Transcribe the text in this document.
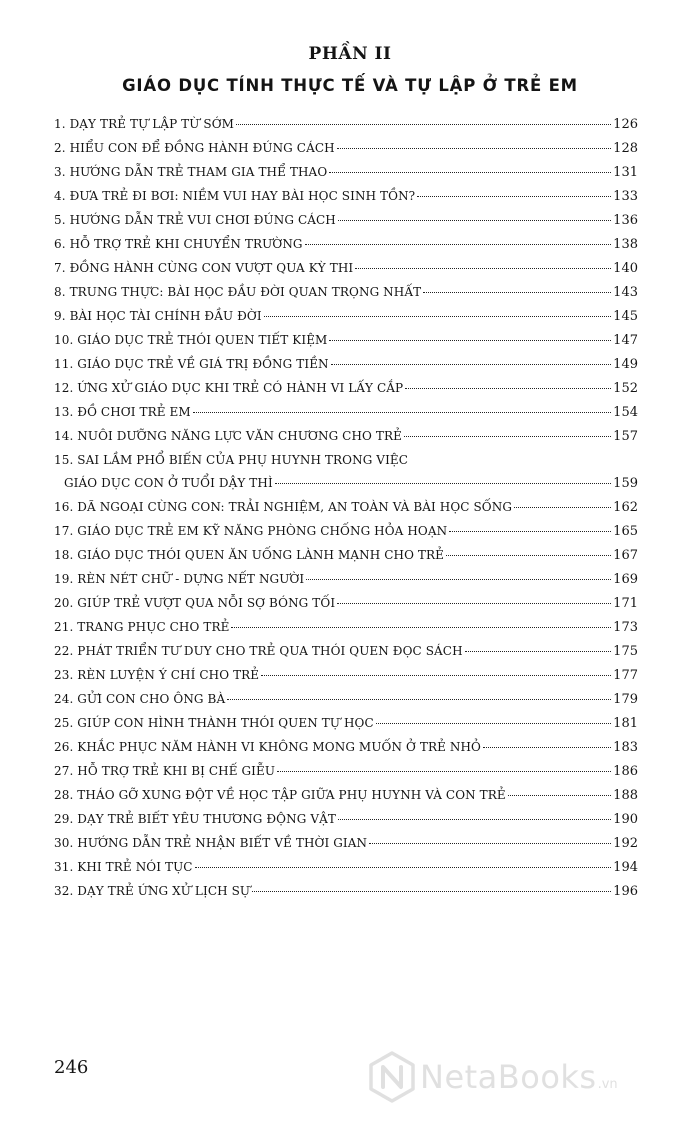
PHẦN II
GIÁO DỤC TÍNH THỰC TẾ VÀ TỰ LẬP Ở TRẺ EM
1. DẠY TRẺ TỰ LẬP TỪ SỚM	126
2. HIỂU CON ĐỂ ĐỒNG HÀNH ĐÚNG CÁCH	128
3. HƯỚNG DẪN TRẺ THAM GIA THỂ THAO	131
4. ĐƯA TRẺ ĐI BƠI: NIỀM VUI HAY BÀI HỌC SINH TỒN?	133
5. HƯỚNG DẪN TRẺ VUI CHƠI ĐÚNG CÁCH	136
6. HỖ TRỢ TRẺ KHI CHUYỂN TRƯỜNG	138
7. ĐỒNG HÀNH CÙNG CON VƯỢT QUA KỲ THI	140
8. TRUNG THỰC: BÀI HỌC ĐẦU ĐỜI QUAN TRỌNG NHẤT	143
9. BÀI HỌC TÀI CHÍNH ĐẦU ĐỜI	145
10. GIÁO DỤC TRẺ THÓI QUEN TIẾT KIỆM	147
11. GIÁO DỤC TRẺ VỀ GIÁ TRỊ ĐỒNG TIỀN	149
12. ỨNG XỬ GIÁO DỤC KHI TRẺ CÓ HÀNH VI LẤY CẮP	152
13. ĐỒ CHƠI TRẺ EM	154
14. NUÔI DƯỠNG NĂNG LỰC VĂN CHƯƠNG CHO TRẺ	157
15. SAI LẦM PHỔ BIẾN CỦA PHỤ HUYNH TRONG VIỆC
GIÁO DỤC CON Ở TUỔI DẬY THÌ	159
16. DÃ NGOẠI CÙNG CON: TRẢI NGHIỆM, AN TOÀN VÀ BÀI HỌC SỐNG	162
17. GIÁO DỤC TRẺ EM KỸ NĂNG PHÒNG CHỐNG HỎA HOẠN	165
18. GIÁO DỤC THÓI QUEN ĂN UỐNG LÀNH MẠNH CHO TRẺ	167
19. RÈN NÉT CHỮ - DỰNG NẾT NGƯỜI	169
20. GIÚP TRẺ VƯỢT QUA NỖI SỢ BÓNG TỐI	171
21. TRANG PHỤC CHO TRẺ	173
22. PHÁT TRIỂN TƯ DUY CHO TRẺ QUA THÓI QUEN ĐỌC SÁCH	175
23. RÈN LUYỆN Ý CHÍ CHO TRẺ	177
24. GỬI CON CHO ÔNG BÀ	179
25. GIÚP CON HÌNH THÀNH THÓI QUEN TỰ HỌC	181
26. KHẮC PHỤC NĂM HÀNH VI KHÔNG MONG MUỐN Ở TRẺ NHỎ	183
27. HỖ TRỢ TRẺ KHI BỊ CHẾ GIỄU	186
28. THÁO GỠ XUNG ĐỘT VỀ HỌC TẬP GIỮA PHỤ HUYNH VÀ CON TRẺ	188
29. DẠY TRẺ BIẾT YÊU THƯƠNG ĐỘNG VẬT	190
30. HƯỚNG DẪN TRẺ NHẬN BIẾT VỀ THỜI GIAN	192
31. KHI TRẺ NÓI TỤC	194
32. DẠY TRẺ ỨNG XỬ LỊCH SỰ	196
246	NetaBooks .vn
